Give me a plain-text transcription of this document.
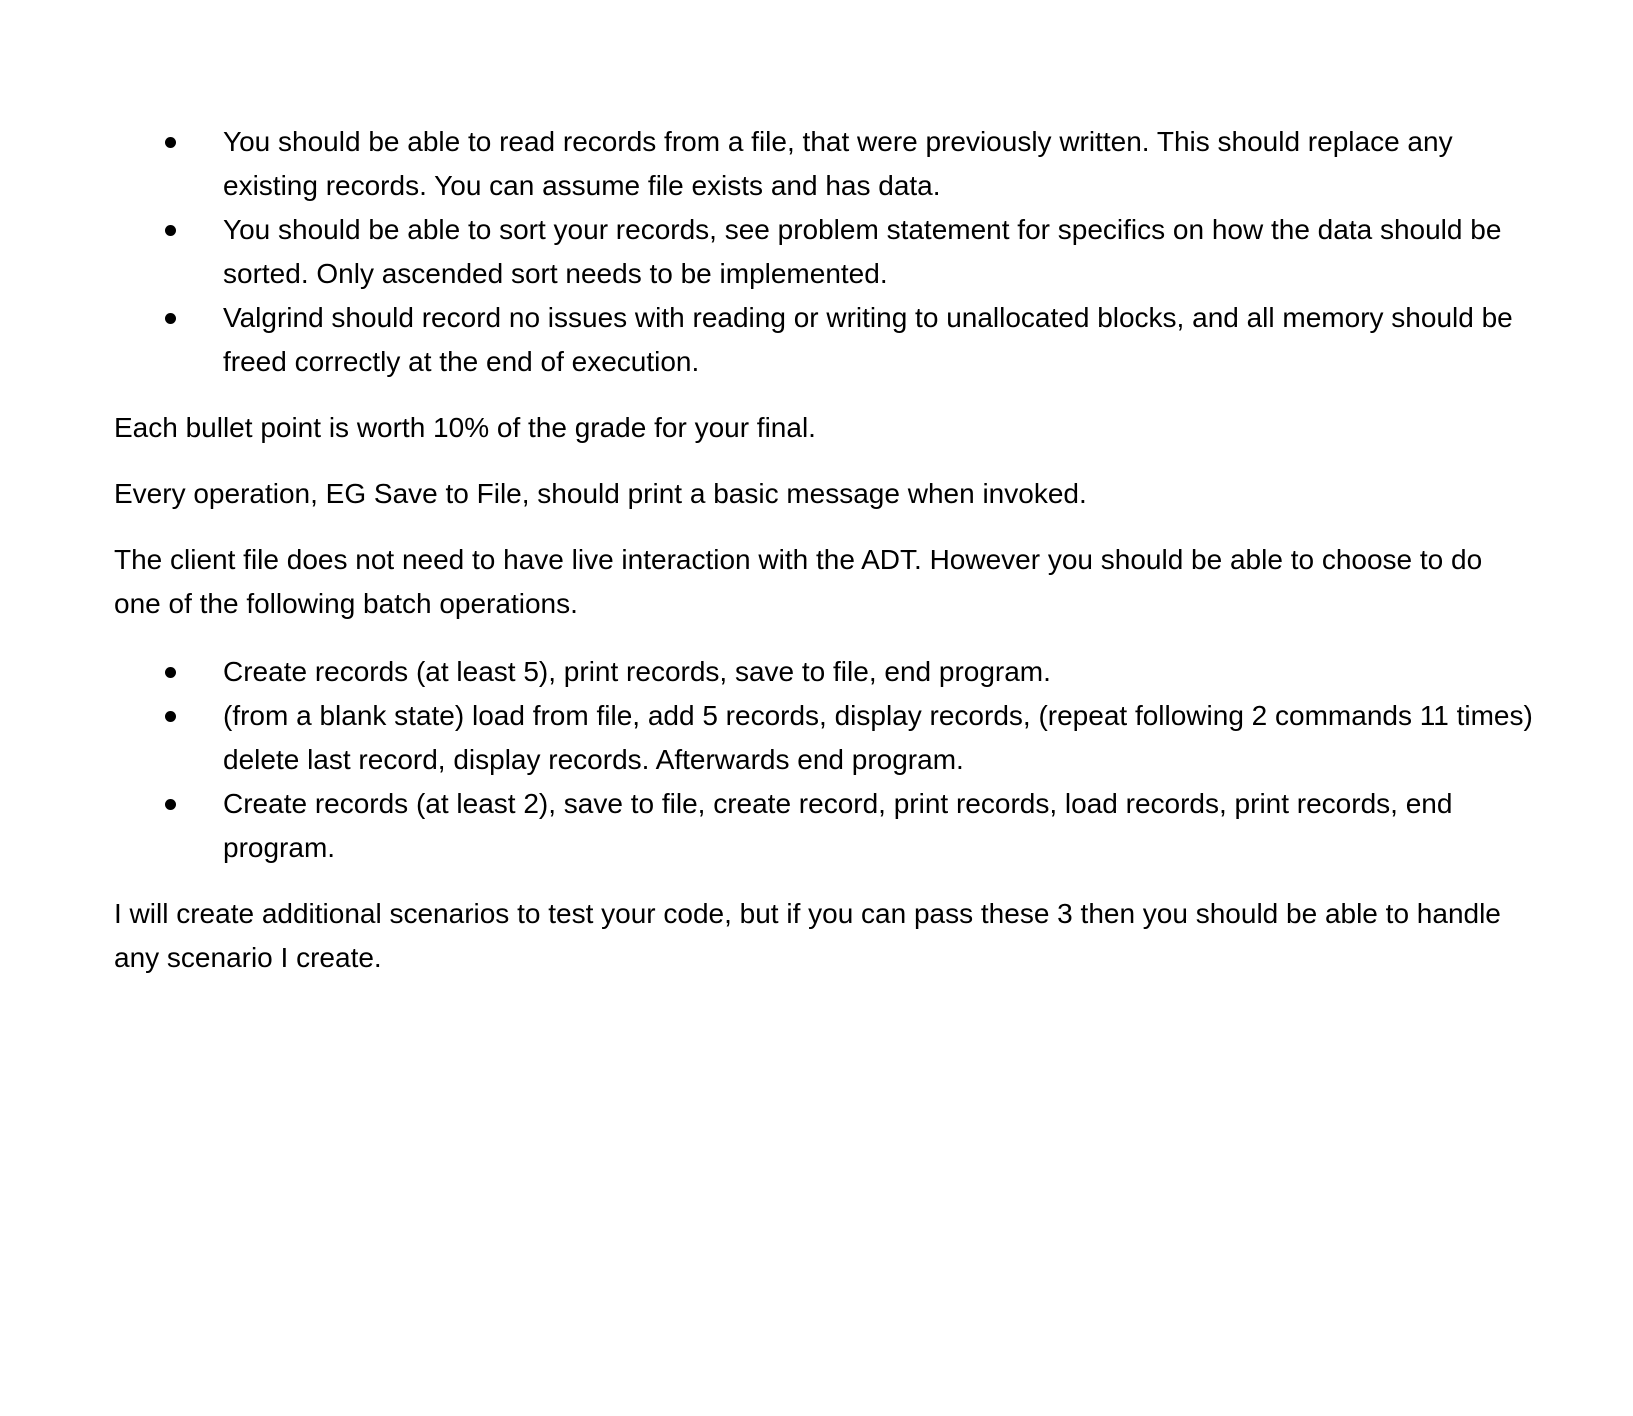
You should be able to read records from a file, that were previously written. This should replace any existing records. You can assume file exists and has data.
You should be able to sort your records, see problem statement for specifics on how the data should be sorted. Only ascended sort needs to be implemented.
Valgrind should record no issues with reading or writing to unallocated blocks, and all memory should be freed correctly at the end of execution.

Each bullet point is worth 10% of the grade for your final.

Every operation, EG Save to File, should print a basic message when invoked.

The client file does not need to have live interaction with the ADT. However you should be able to choose to do one of the following batch operations.

Create records (at least 5), print records, save to file, end program.
(from a blank state) load from file, add 5 records, display records, (repeat following 2 commands 11 times) delete last record, display records. Afterwards end program.
Create records (at least 2), save to file, create record, print records, load records, print records, end program.

I will create additional scenarios to test your code, but if you can pass these 3 then you should be able to handle any scenario I create.
